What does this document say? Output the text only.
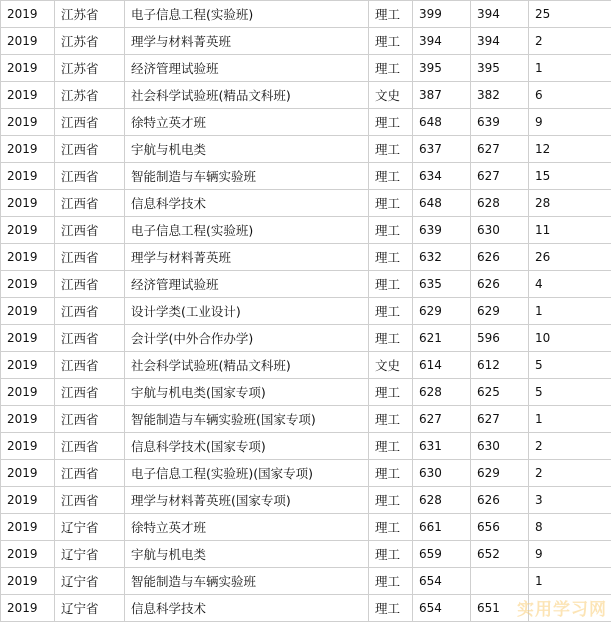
2019	江苏省	电子信息工程(实验班)	理工	399	394	25
2019	江苏省	理学与材料菁英班	理工	394	394	2
2019	江苏省	经济管理试验班	理工	395	395	1
2019	江苏省	社会科学试验班(精品文科班)	文史	387	382	6
2019	江西省	徐特立英才班	理工	648	639	9
2019	江西省	宇航与机电类	理工	637	627	12
2019	江西省	智能制造与车辆实验班	理工	634	627	15
2019	江西省	信息科学技术	理工	648	628	28
2019	江西省	电子信息工程(实验班)	理工	639	630	11
2019	江西省	理学与材料菁英班	理工	632	626	26
2019	江西省	经济管理试验班	理工	635	626	4
2019	江西省	设计学类(工业设计)	理工	629	629	1
2019	江西省	会计学(中外合作办学)	理工	621	596	10
2019	江西省	社会科学试验班(精品文科班)	文史	614	612	5
2019	江西省	宇航与机电类(国家专项)	理工	628	625	5
2019	江西省	智能制造与车辆实验班(国家专项)	理工	627	627	1
2019	江西省	信息科学技术(国家专项)	理工	631	630	2
2019	江西省	电子信息工程(实验班)(国家专项)	理工	630	629	2
2019	江西省	理学与材料菁英班(国家专项)	理工	628	626	3
2019	辽宁省	徐特立英才班	理工	661	656	8
2019	辽宁省	宇航与机电类	理工	659	652	9
2019	辽宁省	智能制造与车辆实验班	理工	654		1
2019	辽宁省	信息科学技术	理工	654	651	实用学习网
